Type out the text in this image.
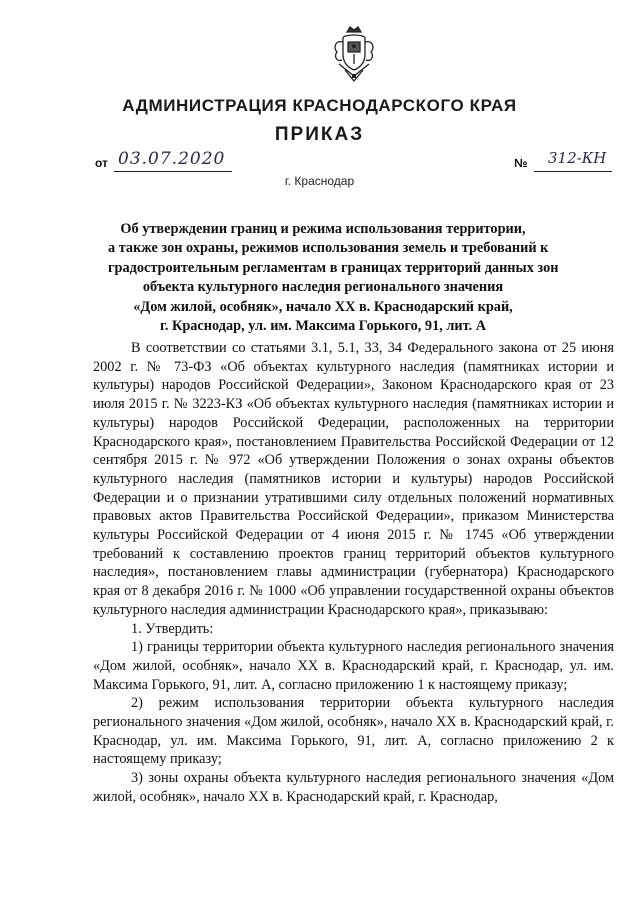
АДМИНИСТРАЦИЯ КРАСНОДАРСКОГО КРАЯ
ПРИКАЗ
от 03.07.2020	№ 312-КН
г. Краснодар
Об утверждении границ и режима использования территории,
а также зон охраны, режимов использования земель и требований к
градостроительным регламентам в границах территорий данных зон
объекта культурного наследия регионального значения
«Дом жилой, особняк», начало XX в. Краснодарский край,
г. Краснодар, ул. им. Максима Горького, 91, лит. А

В соответствии со статьями 3.1, 5.1, 33, 34 Федерального закона от 25 июня 2002 г. № 73-ФЗ «Об объектах культурного наследия (памятниках истории и культуры) народов Российской Федерации», Законом Краснодарского края от 23 июля 2015 г. № 3223-КЗ «Об объектах культурного наследия (памятниках истории и культуры) народов Российской Федерации, расположенных на территории Краснодарского края», постановлением Правительства Российской Федерации от 12 сентября 2015 г. № 972 «Об утверждении Положения о зонах охраны объектов культурного наследия (памятников истории и культуры) народов Российской Федерации и о признании утратившими силу отдельных положений нормативных правовых актов Правительства Российской Федерации», приказом Министерства культуры Российской Федерации от 4 июня 2015 г. № 1745 «Об утверждении требований к составлению проектов границ территорий объектов культурного наследия», постановлением главы администрации (губернатора) Краснодарского края от 8 декабря 2016 г. № 1000 «Об управлении государственной охраны объектов культурного наследия администрации Краснодарского края», приказываю:

1. Утвердить:

1) границы территории объекта культурного наследия регионального значения «Дом жилой, особняк», начало XX в. Краснодарский край, г. Краснодар, ул. им. Максима Горького, 91, лит. А, согласно приложению 1 к настоящему приказу;

2) режим использования территории объекта культурного наследия регионального значения «Дом жилой, особняк», начало XX в. Краснодарский край, г. Краснодар, ул. им. Максима Горького, 91, лит. А, согласно приложению 2 к настоящему приказу;

3) зоны охраны объекта культурного наследия регионального значения «Дом жилой, особняк», начало XX в. Краснодарский край, г. Краснодар,
